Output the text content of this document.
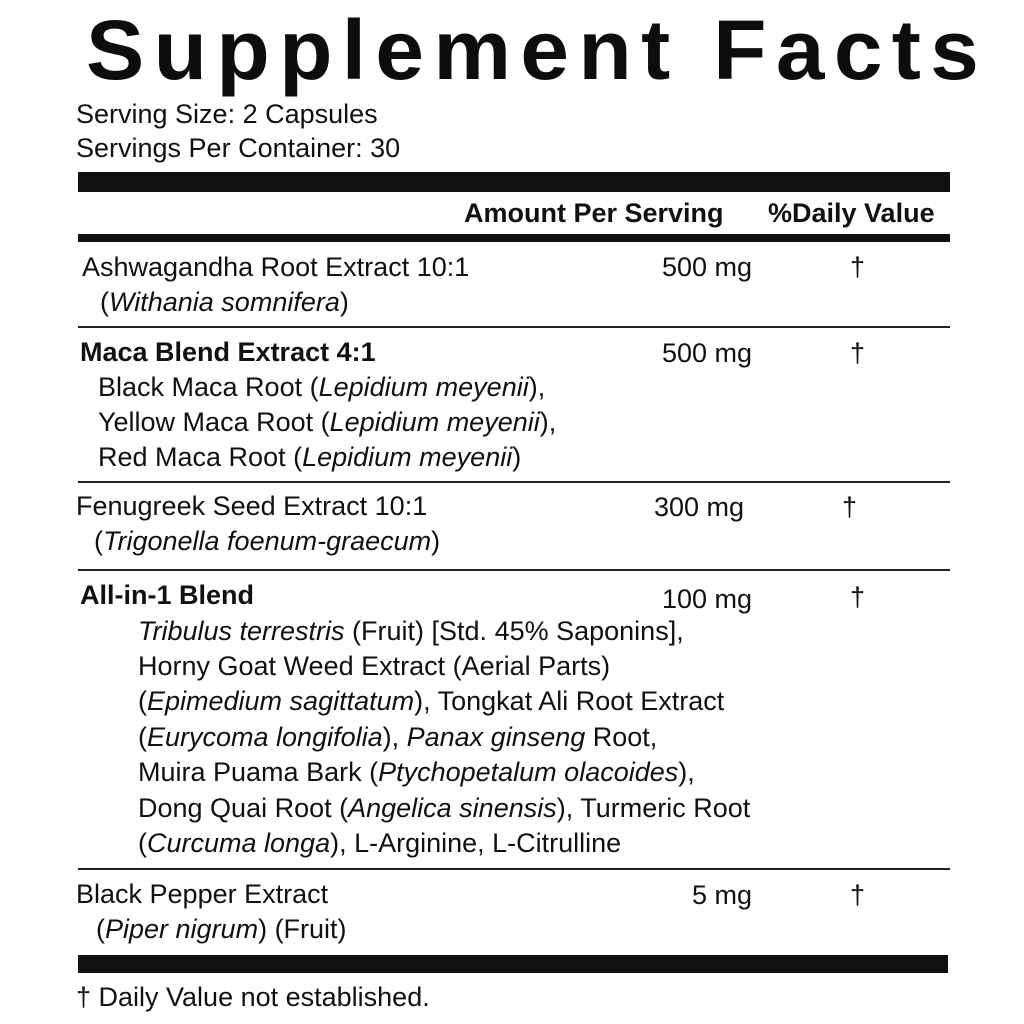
Supplement Facts
Serving Size: 2 Capsules
Servings Per Container: 30
Amount Per Serving %Daily Value
Ashwagandha Root Extract 10:1
(Withania somnifera)
500 mg	†
Maca Blend Extract 4:1
Black Maca Root (Lepidium meyenii),
Yellow Maca Root (Lepidium meyenii),
Red Maca Root (Lepidium meyenii)
500 mg	†
Fenugreek Seed Extract 10:1
(Trigonella foenum-graecum)
300 mg	†
All-in-1 Blend	100 mg	†
Tribulus terrestris (Fruit) [Std. 45% Saponins],
Horny Goat Weed Extract (Aerial Parts)
(Epimedium sagittatum), Tongkat Ali Root Extract
(Eurycoma longifolia), Panax ginseng Root,
Muira Puama Bark (Ptychopetalum olacoides),
Dong Quai Root (Angelica sinensis), Turmeric Root
(Curcuma longa), L-Arginine, L-Citrulline
Black Pepper Extract
(Piper nigrum) (Fruit)
5 mg	†
† Daily Value not established.
